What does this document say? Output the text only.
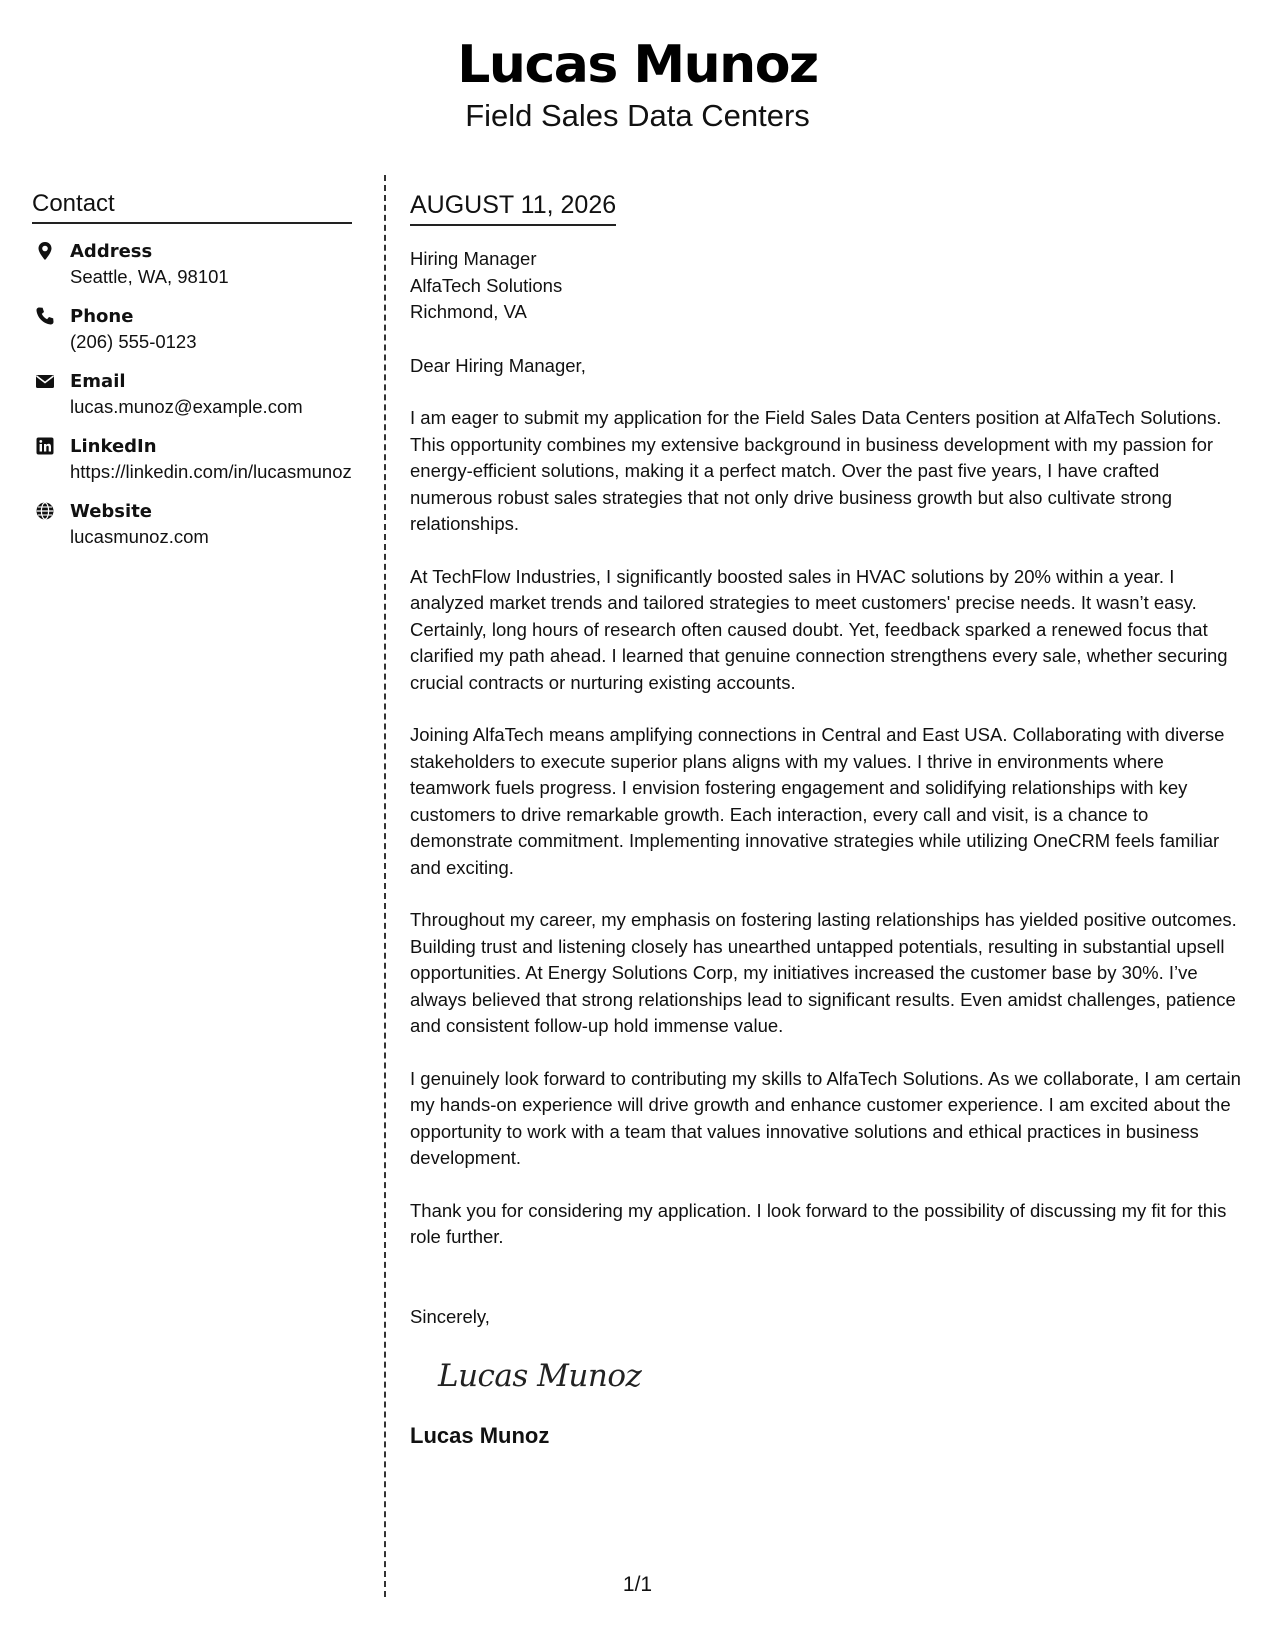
Lucas Munoz
Field Sales Data Centers
Contact
Address
Seattle, WA, 98101
Phone
(206) 555-0123
Email
lucas.munoz@example.com
LinkedIn
https://linkedin.com/in/lucasmunoz
Website
lucasmunoz.com
AUGUST 11, 2026
Hiring Manager
AlfaTech Solutions
Richmond, VA
Dear Hiring Manager,
I am eager to submit my application for the Field Sales Data Centers position at AlfaTech Solutions. This opportunity combines my extensive background in business development with my passion for energy-efficient solutions, making it a perfect match. Over the past five years, I have crafted numerous robust sales strategies that not only drive business growth but also cultivate strong relationships.
At TechFlow Industries, I significantly boosted sales in HVAC solutions by 20% within a year. I analyzed market trends and tailored strategies to meet customers' precise needs. It wasn’t easy. Certainly, long hours of research often caused doubt. Yet, feedback sparked a renewed focus that clarified my path ahead. I learned that genuine connection strengthens every sale, whether securing crucial contracts or nurturing existing accounts.
Joining AlfaTech means amplifying connections in Central and East USA. Collaborating with diverse stakeholders to execute superior plans aligns with my values. I thrive in environments where teamwork fuels progress. I envision fostering engagement and solidifying relationships with key customers to drive remarkable growth. Each interaction, every call and visit, is a chance to demonstrate commitment. Implementing innovative strategies while utilizing OneCRM feels familiar and exciting.
Throughout my career, my emphasis on fostering lasting relationships has yielded positive outcomes. Building trust and listening closely has unearthed untapped potentials, resulting in substantial upsell opportunities. At Energy Solutions Corp, my initiatives increased the customer base by 30%. I’ve always believed that strong relationships lead to significant results. Even amidst challenges, patience and consistent follow-up hold immense value.
I genuinely look forward to contributing my skills to AlfaTech Solutions. As we collaborate, I am certain my hands-on experience will drive growth and enhance customer experience. I am excited about the opportunity to work with a team that values innovative solutions and ethical practices in business development.
Thank you for considering my application. I look forward to the possibility of discussing my fit for this role further.
Sincerely,
Lucas Munoz
Lucas Munoz
1/1
